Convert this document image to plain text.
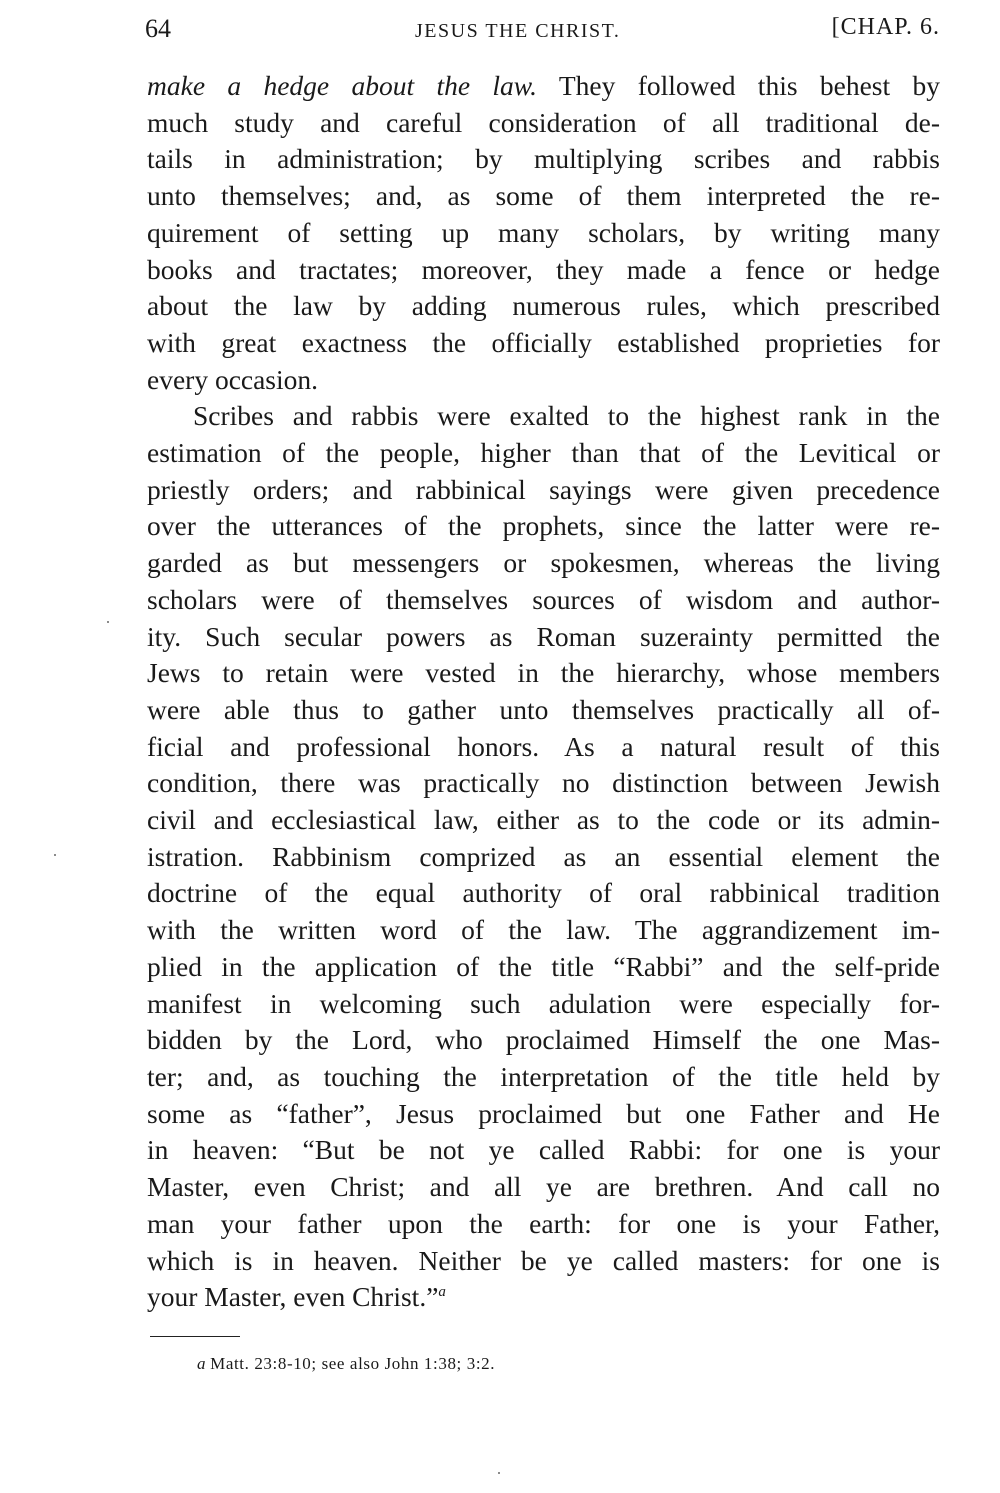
64	JESUS THE CHRIST.	[CHAP. 6.

make a hedge about the law. They followed this behest by
much study and careful consideration of all traditional de-
tails in administration; by multiplying scribes and rabbis
unto themselves; and, as some of them interpreted the re-
quirement of setting up many scholars, by writing many
books and tractates; moreover, they made a fence or hedge
about the law by adding numerous rules, which prescribed
with great exactness the officially established proprieties for
every occasion.

Scribes and rabbis were exalted to the highest rank in the
estimation of the people, higher than that of the Levitical or
priestly orders; and rabbinical sayings were given precedence
over the utterances of the prophets, since the latter were re-
garded as but messengers or spokesmen, whereas the living
scholars were of themselves sources of wisdom and author-
ity. Such secular powers as Roman suzerainty permitted the
Jews to retain were vested in the hierarchy, whose members
were able thus to gather unto themselves practically all of-
ficial and professional honors. As a natural result of this
condition, there was practically no distinction between Jewish
civil and ecclesiastical law, either as to the code or its admin-
istration. Rabbinism comprized as an essential element the
doctrine of the equal authority of oral rabbinical tradition
with the written word of the law. The aggrandizement im-
plied in the application of the title “Rabbi” and the self-pride
manifest in welcoming such adulation were especially for-
bidden by the Lord, who proclaimed Himself the one Mas-
ter; and, as touching the interpretation of the title held by
some as “father”, Jesus proclaimed but one Father and He
in heaven: “But be not ye called Rabbi: for one is your
Master, even Christ; and all ye are brethren. And call no
man your father upon the earth: for one is your Father,
which is in heaven. Neither be ye called masters: for one is
your Master, even Christ.”$^a$

a Matt. 23:8-10; see also John 1:38; 3:2.
